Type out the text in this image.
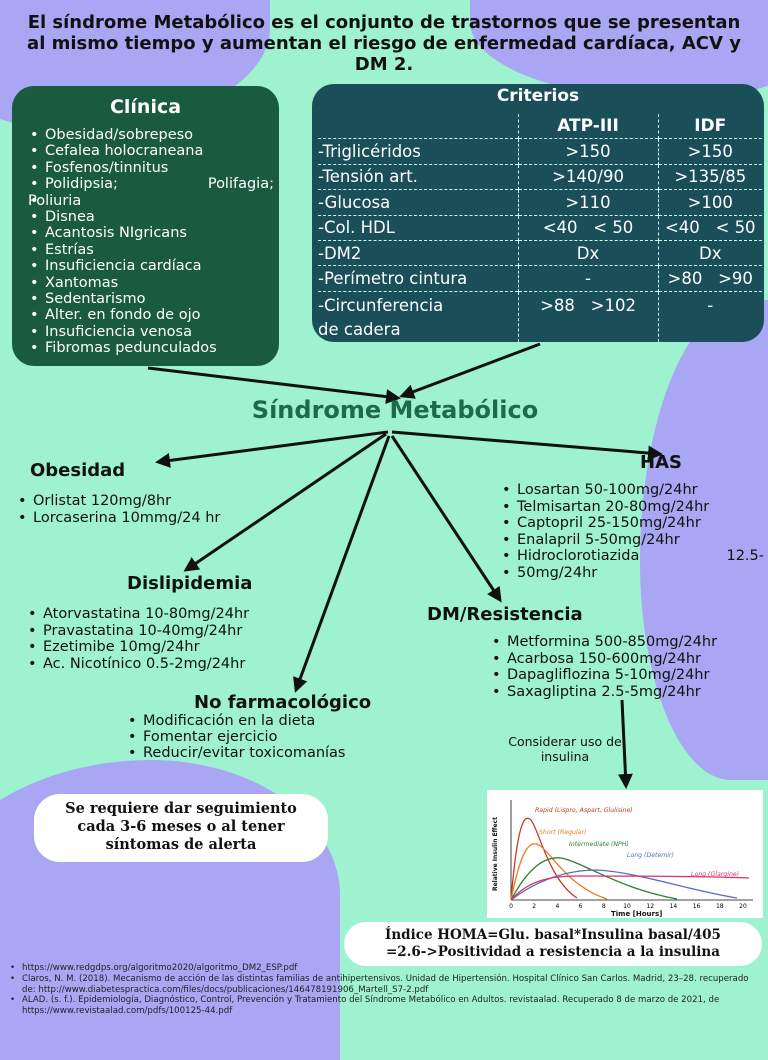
El síndrome Metabólico es el conjunto de trastornos que se presentan al mismo tiempo y aumentan el riesgo de enfermedad cardíaca, ACV y DM 2.
Clínica
• Obesidad/sobrepeso
• Cefalea holocraneana
• Fosfenos/tinnitus
• Polidipsia; Polifagia;
• Poliuria
• Disnea
• Acantosis NIgricans
• Estrías
• Insuficiencia cardíaca
• Xantomas
• Sedentarismo
• Alter. en fondo de ojo
• Insuficiencia venosa
• Fibromas pedunculados
Criterios
	ATP-III	IDF
-Triglicéridos	>150	>150
-Tensión art.	>140/90	>135/85
-Glucosa	>110	>100
-Col. HDL	<40   < 50	<40   < 50
-DM2	Dx	Dx
-Perímetro cintura	-	>80   >90
-Circunferencia
de cadera	>88   >102	-
Síndrome Metabólico
Obesidad
• Orlistat 120mg/8hr
• Lorcaserina 10mmg/24 hr
HAS
• Losartan 50-100mg/24hr
• Telmisartan 20-80mg/24hr
• Captopril 25-150mg/24hr
• Enalapril 5-50mg/24hr
• Hidroclorotiazida 12.5-
• 50mg/24hr
Dislipidemia
• Atorvastatina 10-80mg/24hr
• Pravastatina 10-40mg/24hr
• Ezetimibe 10mg/24hr
• Ac. Nicotínico 0.5-2mg/24hr
DM/Resistencia
• Metformina 500-850mg/24hr
• Acarbosa 150-600mg/24hr
• Dapagliflozina 5-10mg/24hr
• Saxagliptina 2.5-5mg/24hr
No farmacológico
• Modificación en la dieta
• Fomentar ejercicio
• Reducir/evitar toxicomanías
Considerar uso de insulina
Se requiere dar seguimiento cada 3-6 meses o al tener síntomas de alerta	Relative Insulin Effect
0	2	4	6	8	10	12	14	16	18	20
Time [Hours]
Rapid (Lispro, Aspart, Glulisine)
Short (Regular)
Intermediate (NPH)
Long (Detemir)
Long (Glargine)
Índice HOMA=Glu. basal*Insulina basal/405
=2.6->Positividad a resistencia a la insulina
• https://www.redgdps.org/algoritmo2020/algoritmo_DM2_ESP.pdf
• Claros, N. M. (2018). Mecanismo de acción de las distintas familias de antihipertensivos. Unidad de Hipertensión. Hospital Clínico San Carlos. Madrid, 23–28. recuperado de: http://www.diabetespractica.com/files/docs/publicaciones/146478191906_Martell_S7-2.pdf
• ALAD. (s. f.). Epidemiología, Diagnóstico, Control, Prevención y Tratamiento del Síndrome Metabólico en Adultos. revistaalad. Recuperado 8 de marzo de 2021, de https://www.revistaalad.com/pdfs/100125-44.pdf
